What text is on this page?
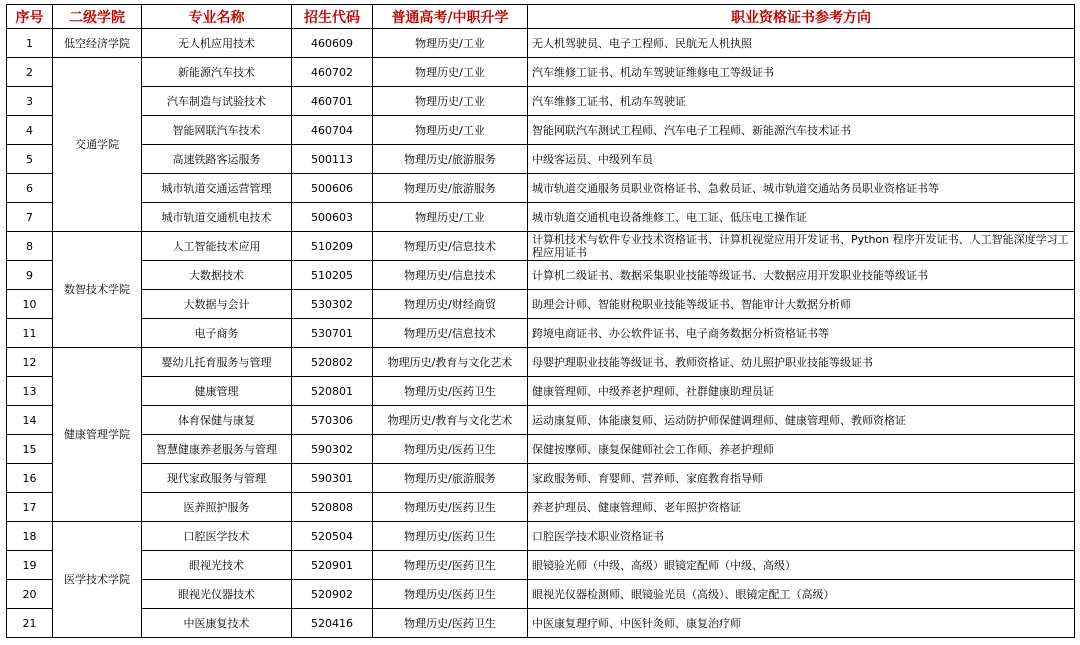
序号	二级学院	专业名称	招生代码	普通高考/中职升学	职业资格证书参考方向
1	低空经济学院	无人机应用技术	460609	物理历史/工业	无人机驾驶员、电子工程师、民航无人机执照
2	交通学院	新能源汽车技术	460702	物理历史/工业	汽车维修工证书、机动车驾驶证维修电工等级证书
3		汽车制造与试验技术	460701	物理历史/工业	汽车维修工证书、机动车驾驶证
4		智能网联汽车技术	460704	物理历史/工业	智能网联汽车测试工程师、汽车电子工程师、新能源汽车技术证书
5		高速铁路客运服务	500113	物理历史/旅游服务	中级客运员、中级列车员
6		城市轨道交通运营管理	500606	物理历史/旅游服务	城市轨道交通服务员职业资格证书、急救员证、城市轨道交通站务员职业资格证书等
7		城市轨道交通机电技术	500603	物理历史/工业	城市轨道交通机电设备维修工、电工证、低压电工操作证
8	数智技术学院	人工智能技术应用	510209	物理历史/信息技术	计算机技术与软件专业技术资格证书、计算机视觉应用开发证书、Python 程序开发证书、人工智能深度学习工程应用证书
9		大数据技术	510205	物理历史/信息技术	计算机二级证书、数据采集职业技能等级证书、大数据应用开发职业技能等级证书
10		大数据与会计	530302	物理历史/财经商贸	助理会计师、智能财税职业技能等级证书、智能审计大数据分析师
11		电子商务	530701	物理历史/信息技术	跨境电商证书、办公软件证书、电子商务数据分析资格证书等
12	健康管理学院	婴幼儿托育服务与管理	520802	物理历史/教育与文化艺术	母婴护理职业技能等级证书、教师资格证、幼儿照护职业技能等级证书
13		健康管理	520801	物理历史/医药卫生	健康管理师、中级养老护理师、社群健康助理员证
14		体育保健与康复	570306	物理历史/教育与文化艺术	运动康复师、体能康复师、运动防护师保健调理师、健康管理师、教师资格证
15		智慧健康养老服务与管理	590302	物理历史/医药卫生	保健按摩师、康复保健师社会工作师、养老护理师
16		现代家政服务与管理	590301	物理历史/旅游服务	家政服务师、育婴师、营养师、家庭教育指导师
17		医养照护服务	520808	物理历史/医药卫生	养老护理员、健康管理师、老年照护资格证
18	医学技术学院	口腔医学技术	520504	物理历史/医药卫生	口腔医学技术职业资格证书
19		眼视光技术	520901	物理历史/医药卫生	眼镜验光师（中级、高级）眼镜定配师（中级、高级）
20		眼视光仪器技术	520902	物理历史/医药卫生	眼视光仪器检测师、眼镜验光员（高级）、眼镜定配工（高级）
21		中医康复技术	520416	物理历史/医药卫生	中医康复理疗师、中医针灸师、康复治疗师
